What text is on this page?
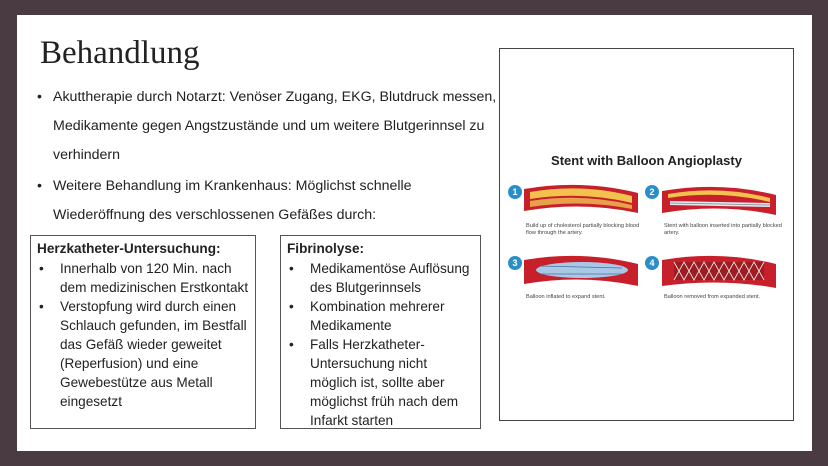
Behandlung
• Akuttherapie durch Notarzt: Venöser Zugang, EKG, Blutdruck messen, Medikamente gegen Angstzustände und um weitere Blutgerinnsel zu verhindern
• Weitere Behandlung im Krankenhaus: Möglichst schnelle Wiederöffnung des verschlossenen Gefäßes durch:
Herzkatheter-Untersuchung:
• Innerhalb von 120 Min. nach dem medizinischen Erstkontakt
• Verstopfung wird durch einen Schlauch gefunden, im Bestfall das Gefäß wieder geweitet (Reperfusion) und eine Gewebestütze aus Metall eingesetzt
Fibrinolyse:
• Medikamentöse Auflösung des Blutgerinnsels
• Kombination mehrerer Medikamente
• Falls Herzkatheter-Untersuchung nicht möglich ist, sollte aber möglichst früh nach dem Infarkt starten
Stent with Balloon Angioplasty
1
Build up of cholesterol partially blocking blood flow through the artery.
2
Stent with balloon inserted into partially blocked artery.
3
Balloon inflated to expand stent.
4
Balloon removed from expanded stent.
